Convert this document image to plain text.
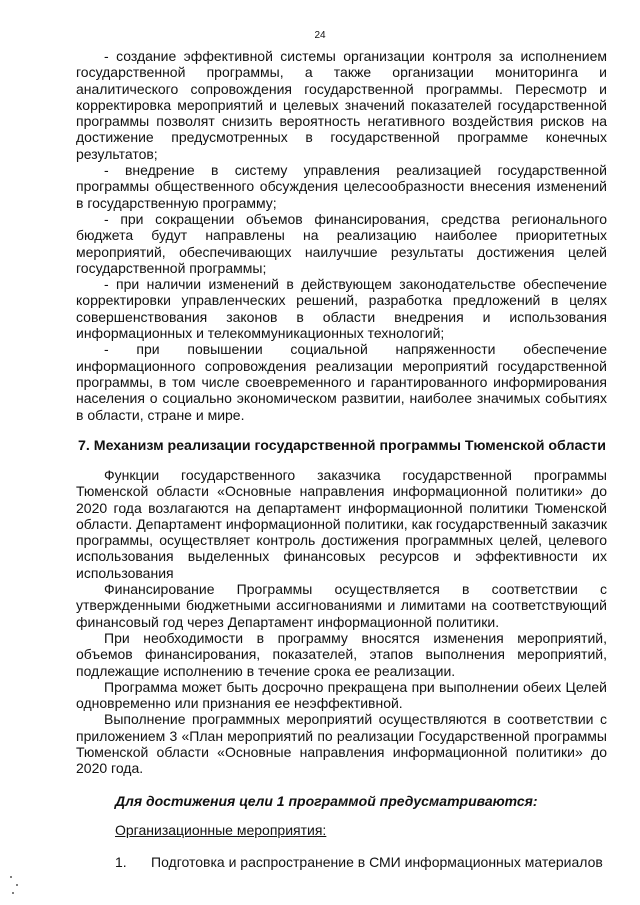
24

- создание эффективной системы организации контроля за исполнением государственной программы, а также организации мониторинга и аналитического сопровождения государственной программы. Пересмотр и корректировка мероприятий и целевых значений показателей государственной программы позволят снизить вероятность негативного воздействия рисков на достижение предусмотренных в государственной программе конечных результатов;

- внедрение в систему управления реализацией государственной программы общественного обсуждения целесообразности внесения изменений в государственную программу;

- при сокращении объемов финансирования, средства регионального бюджета будут направлены на реализацию наиболее приоритетных мероприятий, обеспечивающих наилучшие результаты достижения целей государственной программы;

- при наличии изменений в действующем законодательстве обеспечение корректировки управленческих решений, разработка предложений в целях совершенствования законов в области внедрения и использования информационных и телекоммуникационных технологий;

- при повышении социальной напряженности обеспечение информационного сопровождения реализации мероприятий государственной программы, в том числе своевременного и гарантированного информирования населения о социально экономическом развитии, наиболее значимых событиях в области, стране и мире.

7. Механизм реализации государственной программы Тюменской области

Функции государственного заказчика государственной программы Тюменской области «Основные направления информационной политики» до 2020 года возлагаются на департамент информационной политики Тюменской области. Департамент информационной политики, как государственный заказчик программы, осуществляет контроль достижения программных целей, целевого использования выделенных финансовых ресурсов и эффективности их использования

Финансирование Программы осуществляется в соответствии с утвержденными бюджетными ассигнованиями и лимитами на соответствующий финансовый год через Департамент информационной политики.

При необходимости в программу вносятся изменения мероприятий, объемов финансирования, показателей, этапов выполнения мероприятий, подлежащие исполнению в течение срока ее реализации.

Программа может быть досрочно прекращена при выполнении обеих Целей одновременно или признания ее неэффективной.

Выполнение программных мероприятий осуществляются в соответствии с приложением 3 «План мероприятий по реализации Государственной программы Тюменской области «Основные направления информационной политики» до 2020 года.

Для достижения цели 1 программой предусматриваются:
Организационные мероприятия:
1. Подготовка и распространение в СМИ информационных материалов
